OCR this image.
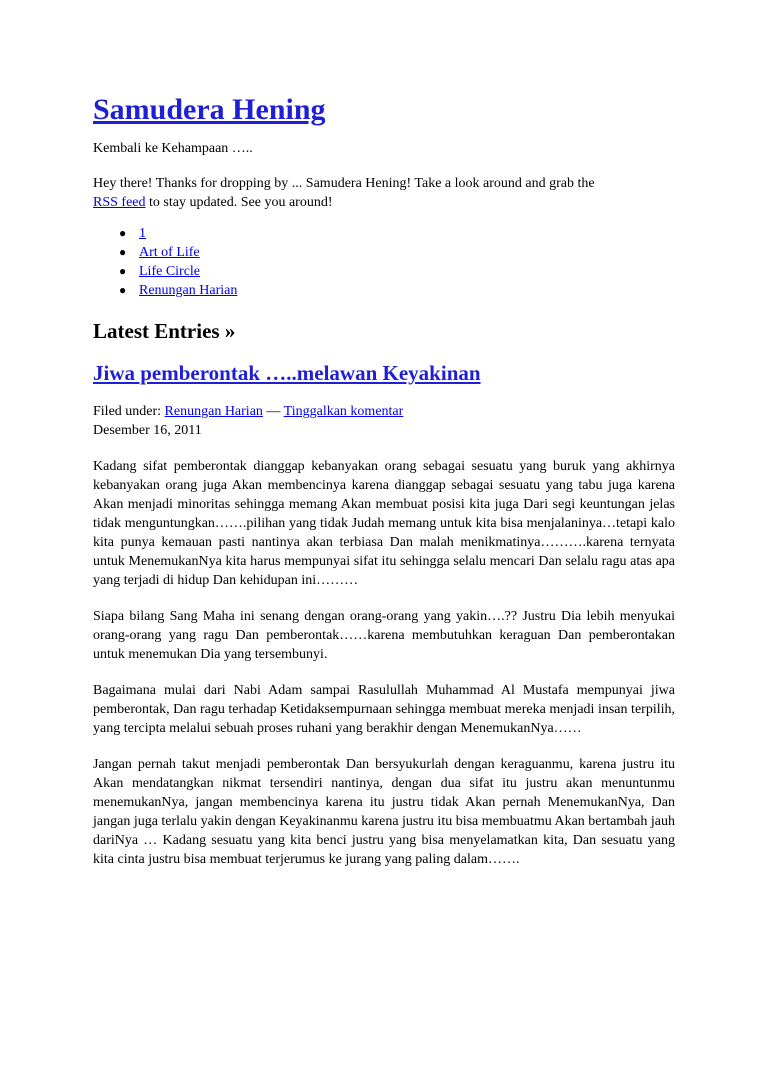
Samudera Hening

Kembali ke Kehampaan …..

Hey there! Thanks for dropping by ... Samudera Hening! Take a look around and grab the
RSS feed to stay updated. See you around!

● 1
● Art of Life
● Life Circle
● Renungan Harian
Latest Entries »
Jiwa pemberontak …..melawan Keyakinan

Filed under: Renungan Harian — Tinggalkan komentar
Desember 16, 2011

Kadang sifat pemberontak dianggap kebanyakan orang sebagai sesuatu yang buruk yang akhirnya kebanyakan orang juga Akan membencinya karena dianggap sebagai sesuatu yang tabu juga karena Akan menjadi minoritas sehingga memang Akan membuat posisi kita juga Dari segi keuntungan jelas tidak menguntungkan…….pilihan yang tidak Judah memang untuk kita bisa menjalaninya…tetapi kalo kita punya kemauan pasti nantinya akan terbiasa Dan malah menikmatinya……….karena ternyata untuk MenemukanNya kita harus mempunyai sifat itu sehingga selalu mencari Dan selalu ragu atas apa yang terjadi di hidup Dan kehidupan ini………

Siapa bilang Sang Maha ini senang dengan orang-orang yang yakin….?? Justru Dia lebih menyukai orang-orang yang ragu Dan pemberontak……karena membutuhkan keraguan Dan pemberontakan untuk menemukan Dia yang tersembunyi.

Bagaimana mulai dari Nabi Adam sampai Rasulullah Muhammad Al Mustafa mempunyai jiwa pemberontak, Dan ragu terhadap Ketidaksempurnaan sehingga membuat mereka menjadi insan terpilih, yang tercipta melalui sebuah proses ruhani yang berakhir dengan MenemukanNya……

Jangan pernah takut menjadi pemberontak Dan bersyukurlah dengan keraguanmu, karena justru itu Akan mendatangkan nikmat tersendiri nantinya, dengan dua sifat itu justru akan menuntunmu menemukanNya, jangan membencinya karena itu justru tidak Akan pernah MenemukanNya, Dan jangan juga terlalu yakin dengan Keyakinanmu karena justru itu bisa membuatmu Akan bertambah jauh dariNya … Kadang sesuatu yang kita benci justru yang bisa menyelamatkan kita, Dan sesuatu yang kita cinta justru bisa membuat terjerumus ke jurang yang paling dalam…….
